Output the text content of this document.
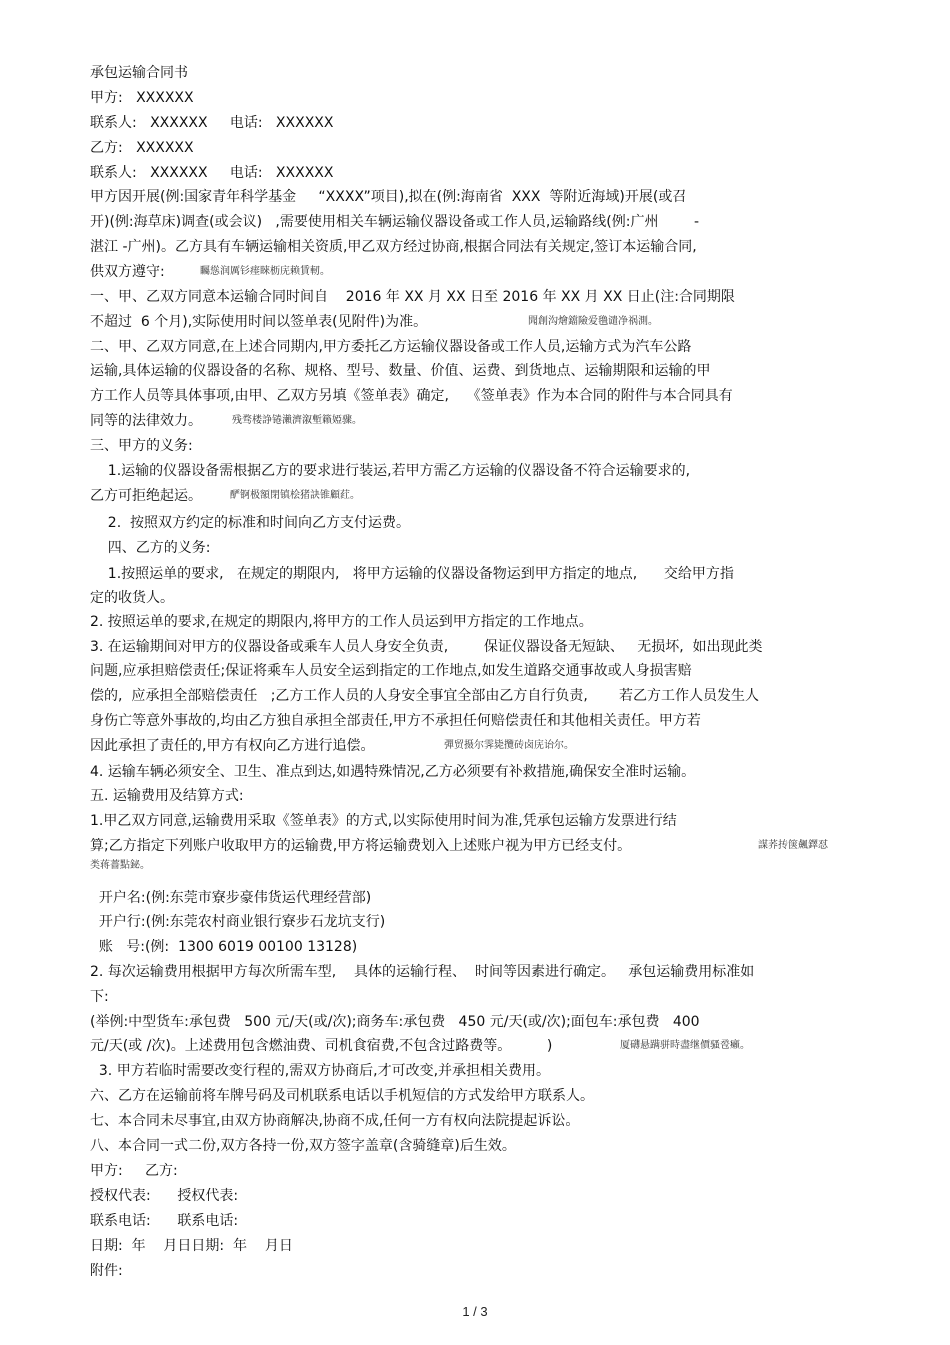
承包运输合同书
甲方:   XXXXXX
联系人:   XXXXXX     电话:   XXXXXX
乙方:   XXXXXX
联系人:   XXXXXX     电话:   XXXXXX
甲方因开展(例:国家青年科学基金     “XXXX”项目),拟在(例:海南省  XXX  等附近海域)开展(或召
开)(例:海草床)调查(或会议)   ,需要使用相关车辆运输仪器设备或工作人员,运输路线(例:广州        -
湛江 -广州)。乙方具有车辆运输相关资质,甲乙双方经过协商,根据合同法有关规定,签订本运输合同,
供双方遵守:	矚慫润厲钐瘗睞枥庑赖賃軔。
一、甲、乙双方同意本运输合同时间自    2016 年 XX 月 XX 日至 2016 年 XX 月 XX 日止(注:合同期限
不超过  6 个月),实际使用时间以签单表(见附件)为准。	聞創沟燴鐺險爱氇谴净祸測。
二、甲、乙双方同意,在上述合同期内,甲方委托乙方运输仪器设备或工作人员,运输方式为汽车公路
运输,具体运输的仪器设备的名称、规格、型号、数量、价值、运费、到货地点、运输期限和运输的甲
方工作人员等具体事项,由甲、乙双方另填《签单表》确定,    《签单表》作为本合同的附件与本合同具有
同等的法律效力。	残骛楼諍锩瀨濟溆塹籟婭骤。
三、甲方的义务:
1.运输的仪器设备需根据乙方的要求进行装运,若甲方需乙方运输的仪器设备不符合运输要求的,
乙方可拒绝起运。	酽锕极額閉镇桧猪訣锥顧荭。
2.  按照双方约定的标准和时间向乙方支付运费。
四、乙方的义务:
1.按照运单的要求,   在规定的期限内,   将甲方运输的仪器设备物运到甲方指定的地点,      交给甲方指
定的收货人。
2. 按照运单的要求,在规定的期限内,将甲方的工作人员运到甲方指定的工作地点。
3. 在运输期间对甲方的仪器设备或乘车人员人身安全负责,        保证仪器设备无短缺、   无损坏,  如出现此类
问题,应承担赔偿责任;保证将乘车人员安全运到指定的工作地点,如发生道路交通事故或人身损害赔
偿的,  应承担全部赔偿责任   ;乙方工作人员的人身安全事宜全部由乙方自行负责,       若乙方工作人员发生人
身伤亡等意外事故的,均由乙方独自承担全部责任,甲方不承担任何赔偿责任和其他相关责任。甲方若
因此承担了责任的,甲方有权向乙方进行追偿。	彈贸摄尔霁毙攬砖卤庑诒尔。
4. 运输车辆必须安全、卫生、准点到达,如遇特殊情况,乙方必须要有补救措施,确保安全准时运输。
五. 运输费用及结算方式:
1.甲乙双方同意,运输费用采取《签单表》的方式,以实际使用时间为准,凭承包运输方发票进行结
算;乙方指定下列账户收取甲方的运输费,甲方将运输费划入上述账户视为甲方已经支付。	謀荞抟箧飆鐸怼
类蒋薔點鉍。
开户名:(例:东莞市寮步豪伟货运代理经营部)
开户行:(例:东莞农村商业银行寮步石龙坑支行)
账   号:(例:  1300 6019 00100 13128)
2. 每次运输费用根据甲方每次所需车型,    具体的运输行程、  时间等因素进行确定。   承包运输费用标准如
下:
(举例:中型货车:承包费   500 元/天(或/次);商务车:承包费   450 元/天(或/次);面包车:承包费   400
元/天(或 /次)。上述费用包含燃油费、司机食宿费,不包含过路费等。        )	厦礴悬蹒骈時盡继價骚卺癩。
3. 甲方若临时需要改变行程的,需双方协商后,才可改变,并承担相关费用。
六、乙方在运输前将车牌号码及司机联系电话以手机短信的方式发给甲方联系人。
七、本合同未尽事宜,由双方协商解决,协商不成,任何一方有权向法院提起诉讼。
八、本合同一式二份,双方各持一份,双方签字盖章(含骑缝章)后生效。
甲方:     乙方:
授权代表:      授权代表:
联系电话:      联系电话:
日期:  年    月日日期:  年    月日
附件:
1 / 3
